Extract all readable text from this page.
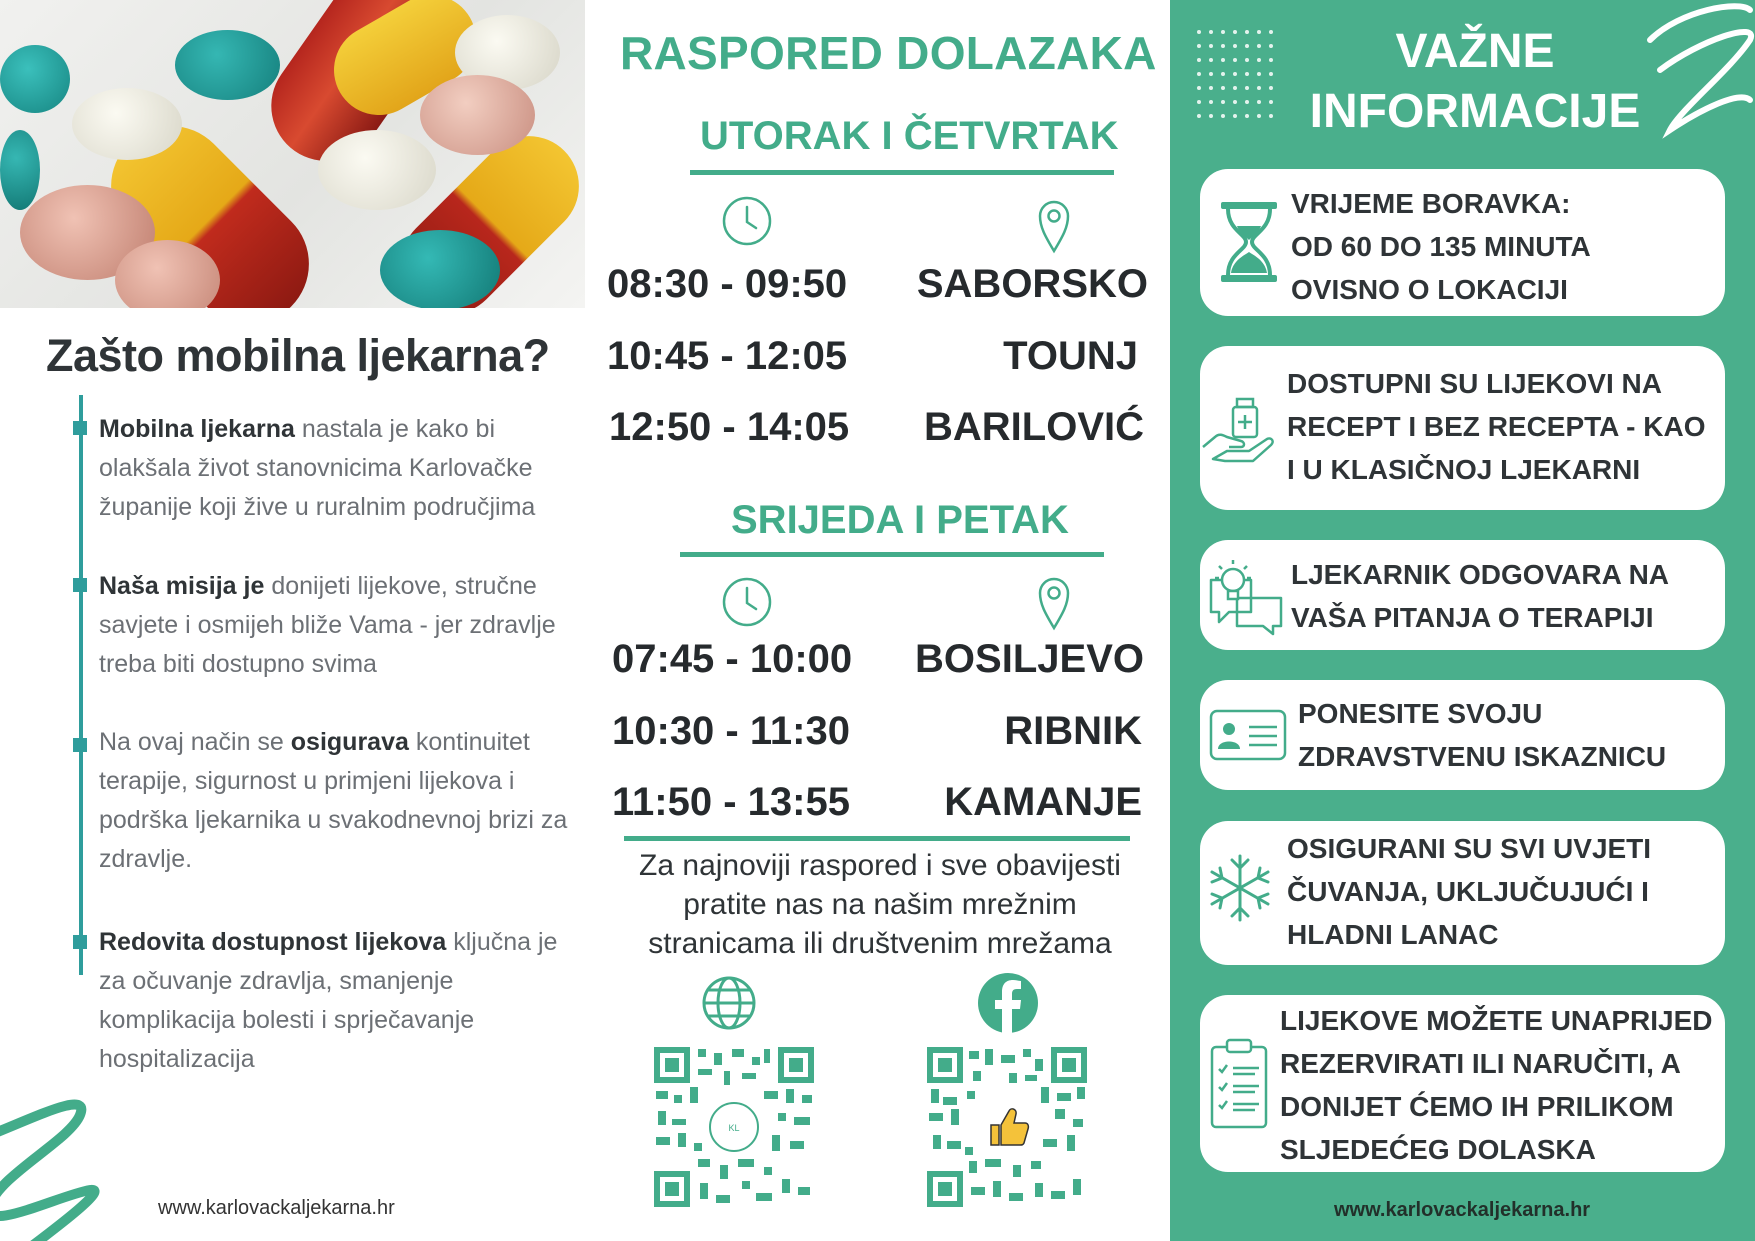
Zašto mobilna ljekarna?
Mobilna ljekarna nastala je kako bi olakšala život stanovnicima Karlovačke županije koji žive u ruralnim područjima
Naša misija je donijeti lijekove, stručne savjete i osmijeh bliže Vama - jer zdravlje treba biti dostupno svima
Na ovaj način se osigurava kontinuitet terapije, sigurnost u primjeni lijekova i podrška ljekarnika u svakodnevnoj brizi za zdravlje.
Redovita dostupnost lijekova ključna je za očuvanje zdravlja, smanjenje komplikacija bolesti i sprječavanje hospitalizacija
www.karlovackaljekarna.hr
RASPORED DOLAZAKA
UTORAK I ČETVRTAK
08:30 - 09:50	SABORSKO
10:45 - 12:05	TOUNJ
12:50 - 14:05	BARILOVIĆ
SRIJEDA I PETAK
07:45 - 10:00	BOSILJEVO
10:30 - 11:30	RIBNIK
11:50 - 13:55	KAMANJE
Za najnoviji raspored i sve obavijesti pratite nas na našim mrežnim stranicama ili društvenim mrežama
KL
VAŽNE INFORMACIJE
VRIJEME BORAVKA:
OD 60 DO 135 MINUTA
OVISNO O LOKACIJI
DOSTUPNI SU LIJEKOVI NA
RECEPT I BEZ RECEPTA - KAO
I U KLASIČNOJ LJEKARNI
LJEKARNIK ODGOVARA NA
VAŠA PITANJA O TERAPIJI
PONESITE SVOJU
ZDRAVSTVENU ISKAZNICU
OSIGURANI SU SVI UVJETI
ČUVANJA, UKLJUČUJUĆI I
HLADNI LANAC
LIJEKOVE MOŽETE UNAPRIJED
REZERVIRATI ILI NARUČITI, A
DONIJET ĆEMO IH PRILIKOM
SLJEDEĆEG DOLASKA
www.karlovackaljekarna.hr
